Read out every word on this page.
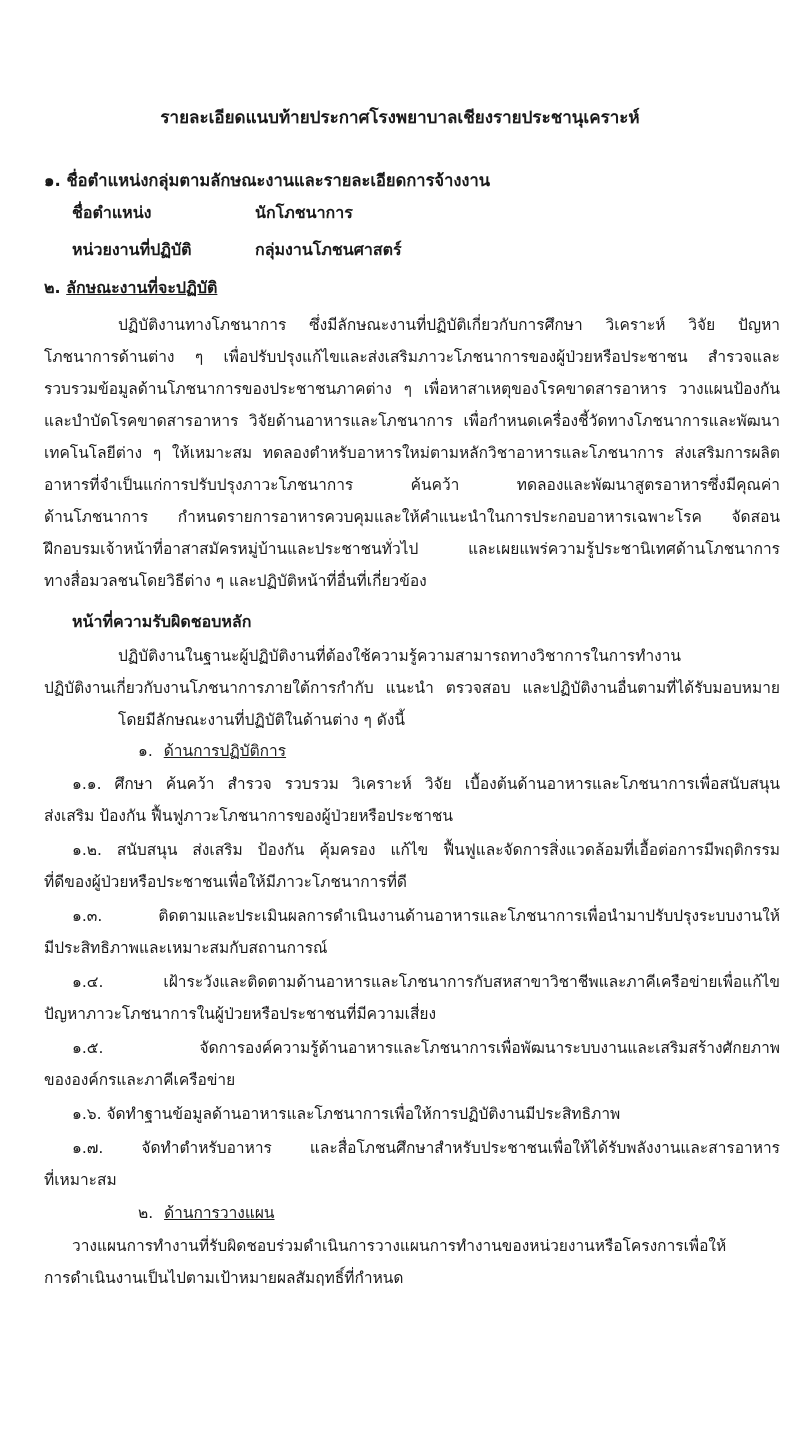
รายละเอียดแนบท้ายประกาศโรงพยาบาลเชียงรายประชานุเคราะห์
๑. ชื่อตำแหน่งกลุ่มตามลักษณะงานและรายละเอียดการจ้างงาน
ชื่อตำแหน่ง	นักโภชนาการ
หน่วยงานที่ปฏิบัติ	กลุ่มงานโภชนศาสตร์
๒. ลักษณะงานที่จะปฏิบัติ
ปฏิบัติงานทางโภชนาการ ซึ่งมีลักษณะงานที่ปฏิบัติเกี่ยวกับการศึกษา วิเคราะห์ วิจัย ปัญหา
โภชนาการด้านต่าง ๆ เพื่อปรับปรุงแก้ไขและส่งเสริมภาวะโภชนาการของผู้ป่วยหรือประชาชน สำรวจและ
รวบรวมข้อมูลด้านโภชนาการของประชาชนภาคต่าง ๆ เพื่อหาสาเหตุของโรคขาดสารอาหาร วางแผนป้องกัน
และบำบัดโรคขาดสารอาหาร วิจัยด้านอาหารและโภชนาการ เพื่อกำหนดเครื่องชี้วัดทางโภชนาการและพัฒนา
เทคโนโลยีต่าง ๆ ให้เหมาะสม ทดลองตำหรับอาหารใหม่ตามหลักวิชาอาหารและโภชนาการ ส่งเสริมการผลิต
อาหารที่จำเป็นแก่การปรับปรุงภาวะโภชนาการ ค้นคว้า ทดลองและพัฒนาสูตรอาหารซึ่งมีคุณค่า
ด้านโภชนาการ กำหนดรายการอาหารควบคุมและให้คำแนะนำในการประกอบอาหารเฉพาะโรค จัดสอน
ฝึกอบรมเจ้าหน้าที่อาสาสมัครหมู่บ้านและประชาชนทั่วไป และเผยแพร่ความรู้ประชานิเทศด้านโภชนาการ
ทางสื่อมวลชนโดยวิธีต่าง ๆ และปฏิบัติหน้าที่อื่นที่เกี่ยวข้อง
หน้าที่ความรับผิดชอบหลัก
ปฏิบัติงานในฐานะผู้ปฏิบัติงานที่ต้องใช้ความรู้ความสามารถทางวิชาการในการทำงาน
ปฏิบัติงานเกี่ยวกับงานโภชนาการภายใต้การกำกับ แนะนำ ตรวจสอบ และปฏิบัติงานอื่นตามที่ได้รับมอบหมาย
โดยมีลักษณะงานที่ปฏิบัติในด้านต่าง ๆ ดังนี้
๑. ด้านการปฏิบัติการ
๑.๑. ศึกษา ค้นคว้า สำรวจ รวบรวม วิเคราะห์ วิจัย เบื้องต้นด้านอาหารและโภชนาการเพื่อสนับสนุน
ส่งเสริม ป้องกัน ฟื้นฟูภาวะโภชนาการของผู้ป่วยหรือประชาชน
๑.๒. สนับสนุน ส่งเสริม ป้องกัน คุ้มครอง แก้ไข ฟื้นฟูและจัดการสิ่งแวดล้อมที่เอื้อต่อการมีพฤติกรรม
ที่ดีของผู้ป่วยหรือประชาชนเพื่อให้มีภาวะโภชนาการที่ดี
๑.๓. ติดตามและประเมินผลการดำเนินงานด้านอาหารและโภชนาการเพื่อนำมาปรับปรุงระบบงานให้
มีประสิทธิภาพและเหมาะสมกับสถานการณ์
๑.๔. เฝ้าระวังและติดตามด้านอาหารและโภชนาการกับสหสาขาวิชาชีพและภาคีเครือข่ายเพื่อแก้ไข
ปัญหาภาวะโภชนาการในผู้ป่วยหรือประชาชนที่มีความเสี่ยง
๑.๕. จัดการองค์ความรู้ด้านอาหารและโภชนาการเพื่อพัฒนาระบบงานและเสริมสร้างศักยภาพ
ขององค์กรและภาคีเครือข่าย
๑.๖. จัดทำฐานข้อมูลด้านอาหารและโภชนาการเพื่อให้การปฏิบัติงานมีประสิทธิภาพ
๑.๗. จัดทำตำหรับอาหาร และสื่อโภชนศึกษาสำหรับประชาชนเพื่อให้ได้รับพลังงานและสารอาหาร
ที่เหมาะสม
๒. ด้านการวางแผน
วางแผนการทำงานที่รับผิดชอบร่วมดำเนินการวางแผนการทำงานของหน่วยงานหรือโครงการเพื่อให้
การดำเนินงานเป็นไปตามเป้าหมายผลสัมฤทธิ์ที่กำหนด
